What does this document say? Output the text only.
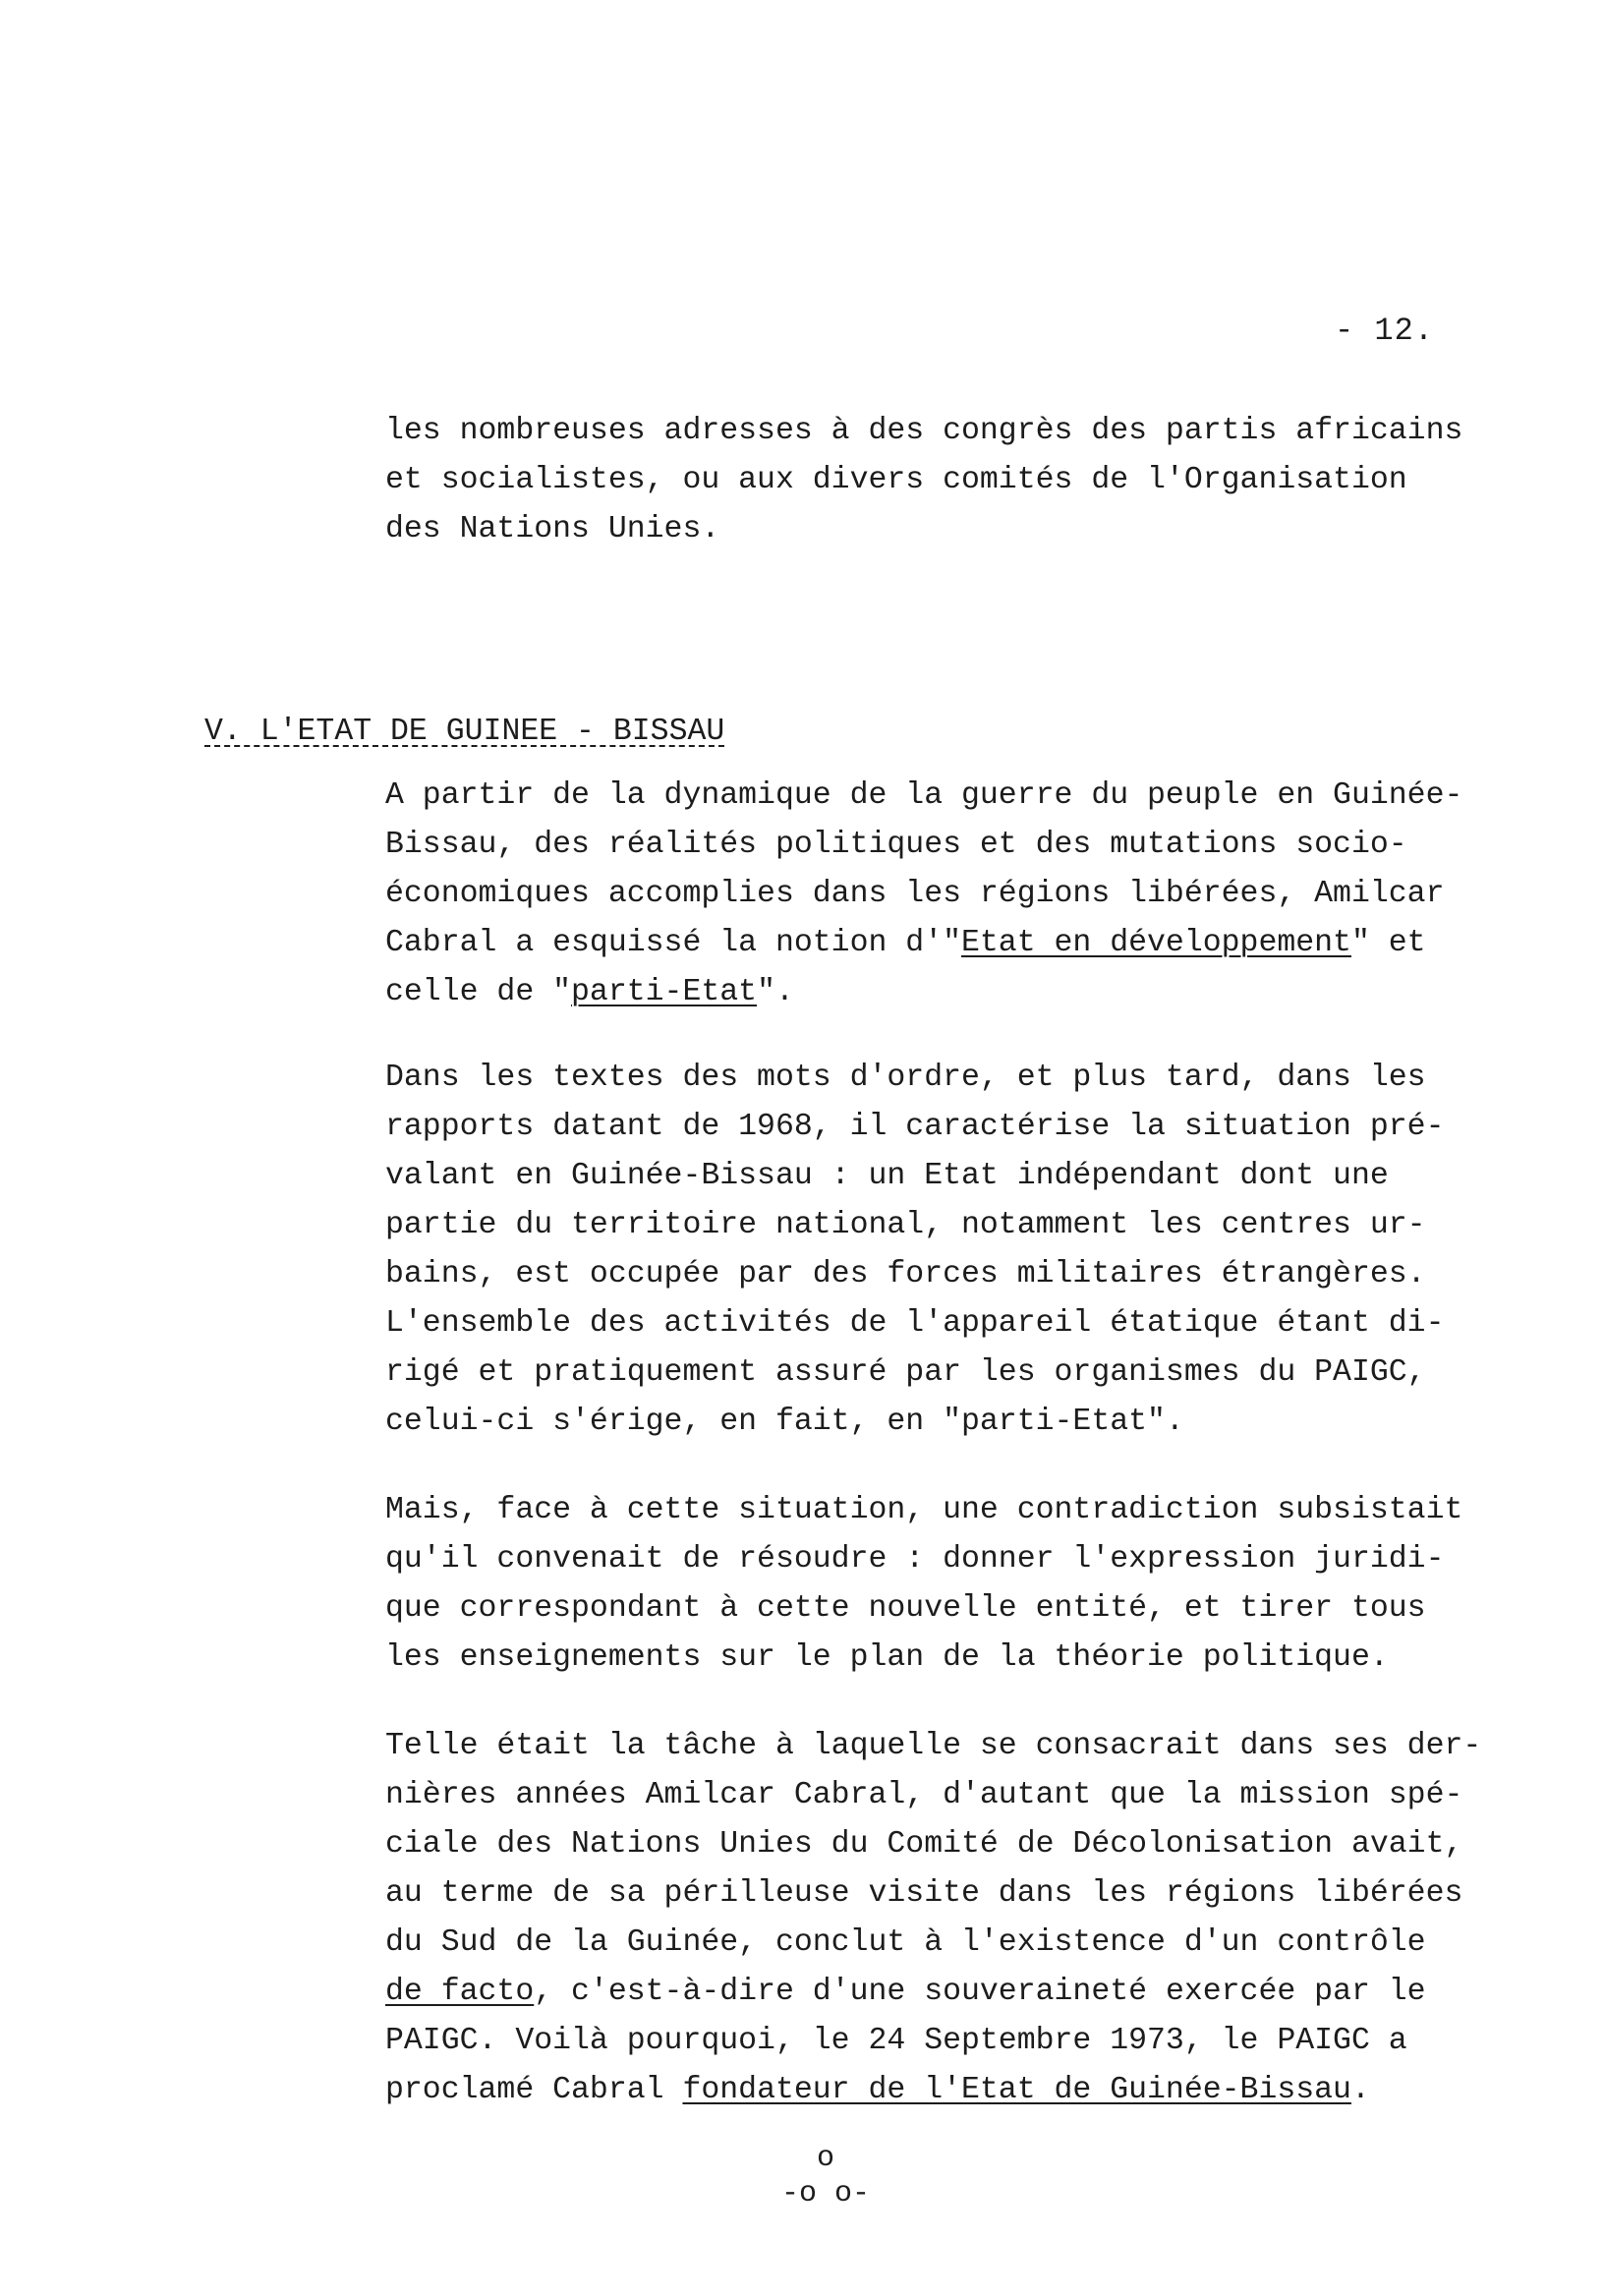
- 12.

les nombreuses adresses à des congrès des partis africains
et socialistes, ou aux divers comités de l'Organisation
des Nations Unies.

V. L'ETAT DE GUINEE - BISSAU

A partir de la dynamique de la guerre du peuple en Guinée-
Bissau, des réalités politiques et des mutations socio-
économiques accomplies dans les régions libérées, Amilcar
Cabral a esquissé la notion d'"Etat en développement" et
celle de "parti-Etat".

Dans les textes des mots d'ordre, et plus tard, dans les
rapports datant de 1968, il caractérise la situation pré-
valant en Guinée-Bissau : un Etat indépendant dont une
partie du territoire national, notamment les centres ur-
bains, est occupée par des forces militaires étrangères.
L'ensemble des activités de l'appareil étatique étant di-
rigé et pratiquement assuré par les organismes du PAIGC,
celui-ci s'érige, en fait, en "parti-Etat".

Mais, face à cette situation, une contradiction subsistait
qu'il convenait de résoudre : donner l'expression juridi-
que correspondant à cette nouvelle entité, et tirer tous
les enseignements sur le plan de la théorie politique.

Telle était la tâche à laquelle se consacrait dans ses der-
nières années Amilcar Cabral, d'autant que la mission spé-
ciale des Nations Unies du Comité de Décolonisation avait,
au terme de sa périlleuse visite dans les régions libérées
du Sud de la Guinée, conclut à l'existence d'un contrôle
de facto, c'est-à-dire d'une souveraineté exercée par le
PAIGC. Voilà pourquoi, le 24 Septembre 1973, le PAIGC a
proclamé Cabral fondateur de l'Etat de Guinée-Bissau.

o
-o o-
